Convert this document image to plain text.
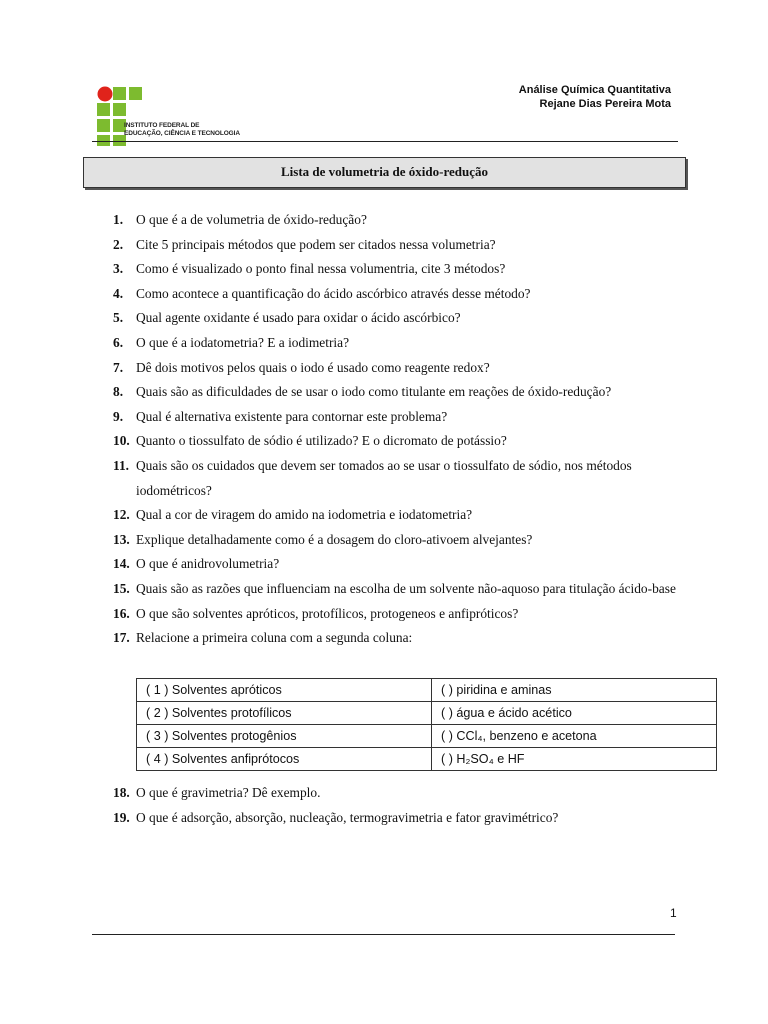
INSTITUTO FEDERAL DE
EDUCAÇÃO, CIÊNCIA E TECNOLOGIA
Análise Química Quantitativa
Rejane Dias Pereira Mota
Lista de volumetria de óxido-redução
1. O que é a de volumetria de óxido-redução?
2. Cite 5 principais métodos que podem ser citados nessa volumetria?
3. Como é visualizado o ponto final nessa volumentria, cite 3 métodos?
4. Como acontece a quantificação do ácido ascórbico através desse método?
5. Qual agente oxidante é usado para oxidar o ácido ascórbico?
6. O que é a iodatometria? E a iodimetria?
7. Dê dois motivos pelos quais o iodo é usado como reagente redox?
8. Quais são as dificuldades de se usar o iodo como titulante em reações de óxido-redução?
9. Qual é alternativa existente para contornar este problema?
10. Quanto o tiossulfato de sódio é utilizado? E o dicromato de potássio?
11. Quais são os cuidados que devem ser tomados ao se usar o tiossulfato de sódio, nos métodos iodométricos?
12. Qual a cor de viragem do amido na iodometria e iodatometria?
13. Explique detalhadamente como é a dosagem do cloro-ativoem alvejantes?
14. O que é anidrovolumetria?
15. Quais são as razões que influenciam na escolha de um solvente não-aquoso para titulação ácido-base
16. O que são solventes apróticos, protofílicos, protogeneos e anfipróticos?
17. Relacione a primeira coluna com a segunda coluna:
( 1 ) Solventes apróticos	( ) piridina e aminas
( 2 ) Solventes protofílicos	( ) água e ácido acético
( 3 ) Solventes protogênios	( ) CCl₄, benzeno e acetona
( 4 ) Solventes anfiprótocos	( ) H₂SO₄ e HF
18. O que é gravimetria? Dê exemplo.
19. O que é adsorção, absorção, nucleação, termogravimetria e fator gravimétrico?
1
